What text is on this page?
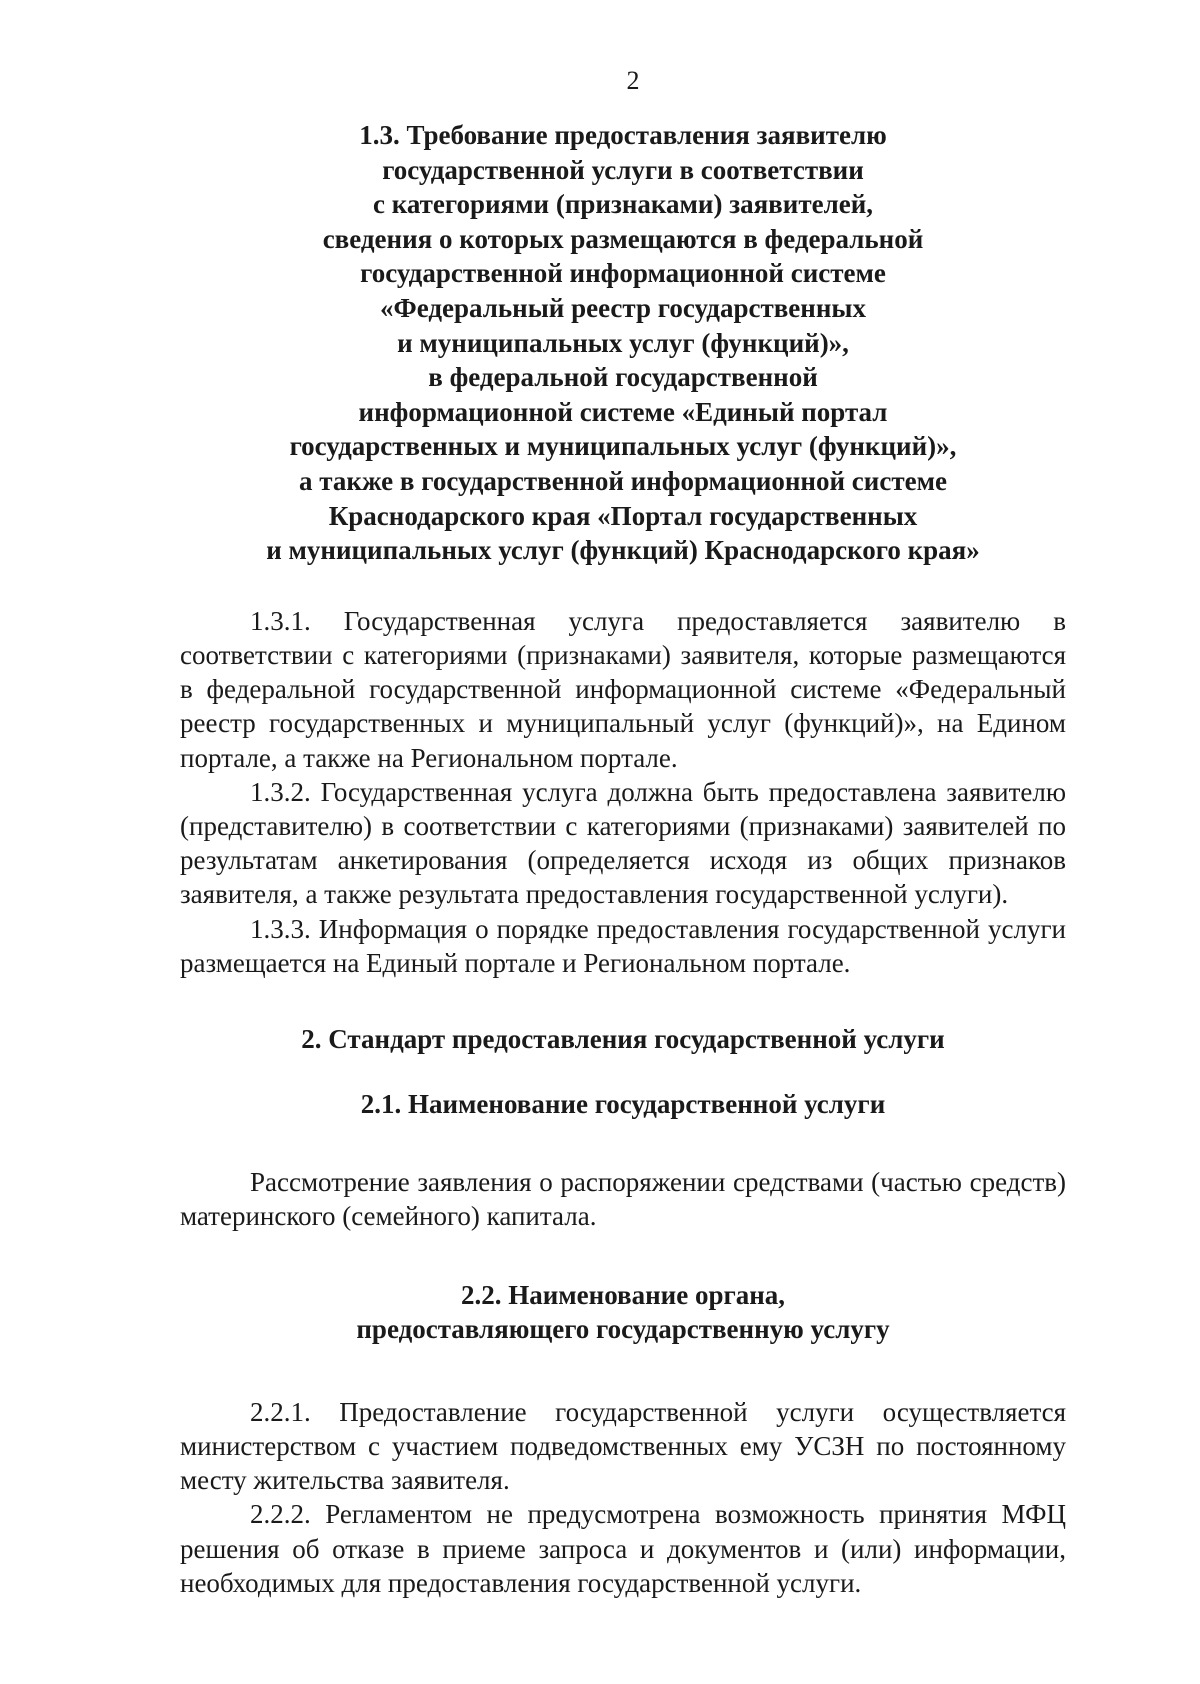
2
1.3. Требование предоставления заявителю
государственной услуги в соответствии
с категориями (признаками) заявителей,
сведения о которых размещаются в федеральной
государственной информационной системе
«Федеральный реестр государственных
и муниципальных услуг (функций)»,
в федеральной государственной
информационной системе «Единый портал
государственных и муниципальных услуг (функций)»,
а также в государственной информационной системе
Краснодарского края «Портал государственных
и муниципальных услуг (функций) Краснодарского края»

1.3.1. Государственная услуга предоставляется заявителю в соответствии с категориями (признаками) заявителя, которые размещаются в федеральной государственной информационной системе «Федеральный реестр государственных и муниципальный услуг (функций)», на Едином портале, а также на Региональном портале.

1.3.2. Государственная услуга должна быть предоставлена заявителю (представителю) в соответствии с категориями (признаками) заявителей по результатам анкетирования (определяется исходя из общих признаков заявителя, а также результата предоставления государственной услуги).

1.3.3. Информация о порядке предоставления государственной услуги размещается на Единый портале и Региональном портале.

2. Стандарт предоставления государственной услуги
2.1. Наименование государственной услуги

Рассмотрение заявления о распоряжении средствами (частью средств) материнского (семейного) капитала.

2.2. Наименование органа,
предоставляющего государственную услугу

2.2.1. Предоставление государственной услуги осуществляется министерством с участием подведомственных ему УСЗН по постоянному месту жительства заявителя.

2.2.2. Регламентом не предусмотрена возможность принятия МФЦ решения об отказе в приеме запроса и документов и (или) информации, необходимых для предоставления государственной услуги.
